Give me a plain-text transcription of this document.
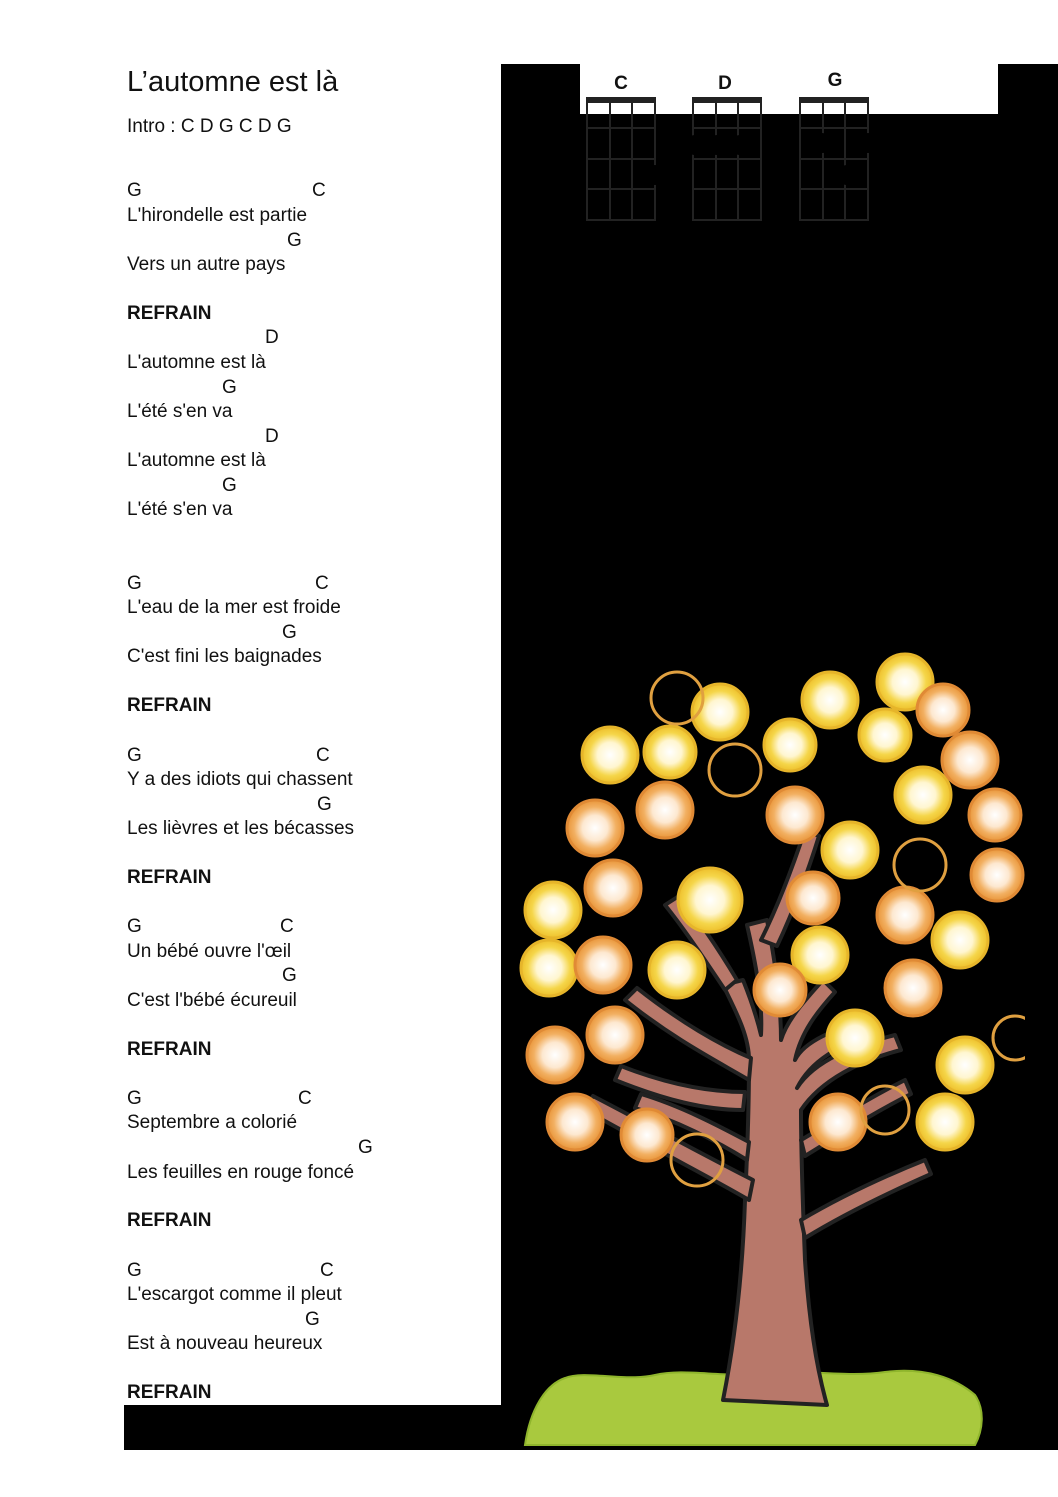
L’automne est là
Intro : C D G C D G
C	D	G
G	C
L'hirondelle est partie
G
Vers un autre pays
REFRAIN
D
L'automne est là
G
L'été s'en va
D
L'automne est là
G
L'été s'en va
G	C
L'eau de la mer est froide
G
C'est fini les baignades
REFRAIN
G	C
Y a des idiots qui chassent
G
Les lièvres et les bécasses
REFRAIN
G	C
Un bébé ouvre l'œil
G
C'est l'bébé écureuil
REFRAIN
G	C
Septembre a colorié
G
Les feuilles en rouge foncé
REFRAIN
G	C
L'escargot comme il pleut
G
Est à nouveau heureux
REFRAIN
